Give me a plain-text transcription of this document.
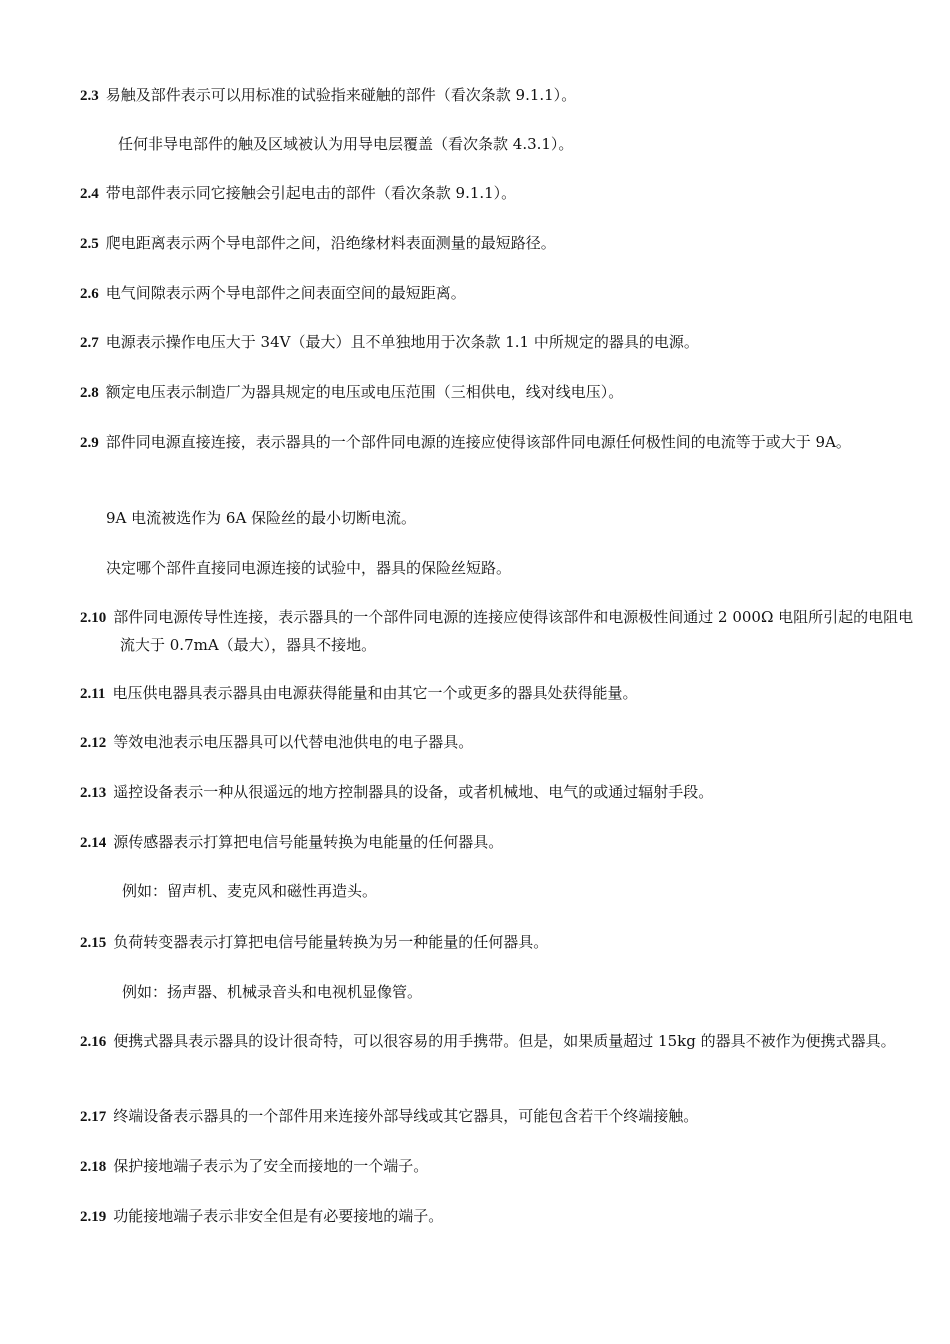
2.3 易触及部件表示可以用标准的试验指来碰触的部件（看次条款 9.1.1）。

任何非导电部件的触及区域被认为用导电层覆盖（看次条款 4.3.1）。

2.4 带电部件表示同它接触会引起电击的部件（看次条款 9.1.1）。

2.5 爬电距离表示两个导电部件之间，沿绝缘材料表面测量的最短路径。

2.6 电气间隙表示两个导电部件之间表面空间的最短距离。

2.7 电源表示操作电压大于 34V（最大）且不单独地用于次条款 1.1 中所规定的器具的电源。

2.8 额定电压表示制造厂为器具规定的电压或电压范围（三相供电，线对线电压）。

2.9 部件同电源直接连接，表示器具的一个部件同电源的连接应使得该部件同电源任何极性间的电流等于或大于 9A。

9A 电流被选作为 6A 保险丝的最小切断电流。

决定哪个部件直接同电源连接的试验中，器具的保险丝短路。

2.10 部件同电源传导性连接，表示器具的一个部件同电源的连接应使得该部件和电源极性间通过 2 000Ω 电阻所引起的电阻电流大于 0.7mA（最大），器具不接地。

2.11 电压供电器具表示器具由电源获得能量和由其它一个或更多的器具处获得能量。

2.12 等效电池表示电压器具可以代替电池供电的电子器具。

2.13 遥控设备表示一种从很遥远的地方控制器具的设备，或者机械地、电气的或通过辐射手段。

2.14 源传感器表示打算把电信号能量转换为电能量的任何器具。

例如：留声机、麦克风和磁性再造头。

2.15 负荷转变器表示打算把电信号能量转换为另一种能量的任何器具。

例如：扬声器、机械录音头和电视机显像管。

2.16 便携式器具表示器具的设计很奇特，可以很容易的用手携带。但是，如果质量超过 15kg 的器具不被作为便携式器具。

2.17 终端设备表示器具的一个部件用来连接外部导线或其它器具，可能包含若干个终端接触。

2.18 保护接地端子表示为了安全而接地的一个端子。

2.19 功能接地端子表示非安全但是有必要接地的端子。
